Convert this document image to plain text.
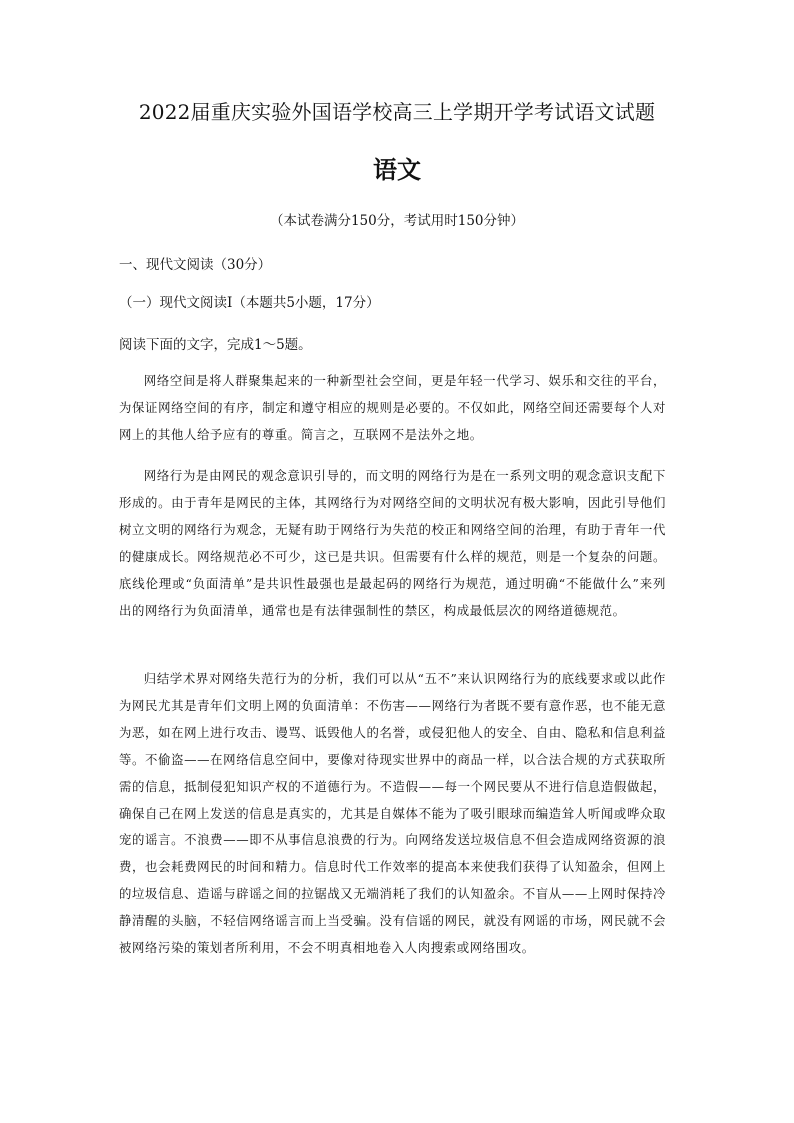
2022届重庆实验外国语学校高三上学期开学考试语文试题
语文
（本试卷满分150分，考试用时150分钟）
一、现代文阅读（30分）
（一）现代文阅读Ⅰ（本题共5小题，17分）
阅读下面的文字，完成1～5题。
网络空间是将人群聚集起来的一种新型社会空间，更是年轻一代学习、娱乐和交往的平台，为保证网络空间的有序，制定和遵守相应的规则是必要的。不仅如此，网络空间还需要每个人对网上的其他人给予应有的尊重。简言之，互联网不是法外之地。
网络行为是由网民的观念意识引导的，而文明的网络行为是在一系列文明的观念意识支配下形成的。由于青年是网民的主体，其网络行为对网络空间的文明状况有极大影响，因此引导他们树立文明的网络行为观念，无疑有助于网络行为失范的校正和网络空间的治理，有助于青年一代的健康成长。网络规范必不可少，这已是共识。但需要有什么样的规范，则是一个复杂的问题。底线伦理或“负面清单”是共识性最强也是最起码的网络行为规范，通过明确“不能做什么”来列出的网络行为负面清单，通常也是有法律强制性的禁区，构成最低层次的网络道德规范。
归结学术界对网络失范行为的分析，我们可以从“五不”来认识网络行为的底线要求或以此作为网民尤其是青年们文明上网的负面清单：不伤害——网络行为者既不要有意作恶，也不能无意为恶，如在网上进行攻击、谩骂、诋毁他人的名誉，或侵犯他人的安全、自由、隐私和信息利益等。不偷盗——在网络信息空间中，要像对待现实世界中的商品一样，以合法合规的方式获取所需的信息，抵制侵犯知识产权的不道德行为。不造假——每一个网民要从不进行信息造假做起，确保自己在网上发送的信息是真实的，尤其是自媒体不能为了吸引眼球而编造耸人听闻或哗众取宠的谣言。不浪费——即不从事信息浪费的行为。向网络发送垃圾信息不但会造成网络资源的浪费，也会耗费网民的时间和精力。信息时代工作效率的提高本来使我们获得了认知盈余，但网上的垃圾信息、造谣与辟谣之间的拉锯战又无端消耗了我们的认知盈余。不盲从——上网时保持冷静清醒的头脑，不轻信网络谣言而上当受骗。没有信谣的网民，就没有网谣的市场，网民就不会被网络污染的策划者所利用，不会不明真相地卷入人肉搜索或网络围攻。
